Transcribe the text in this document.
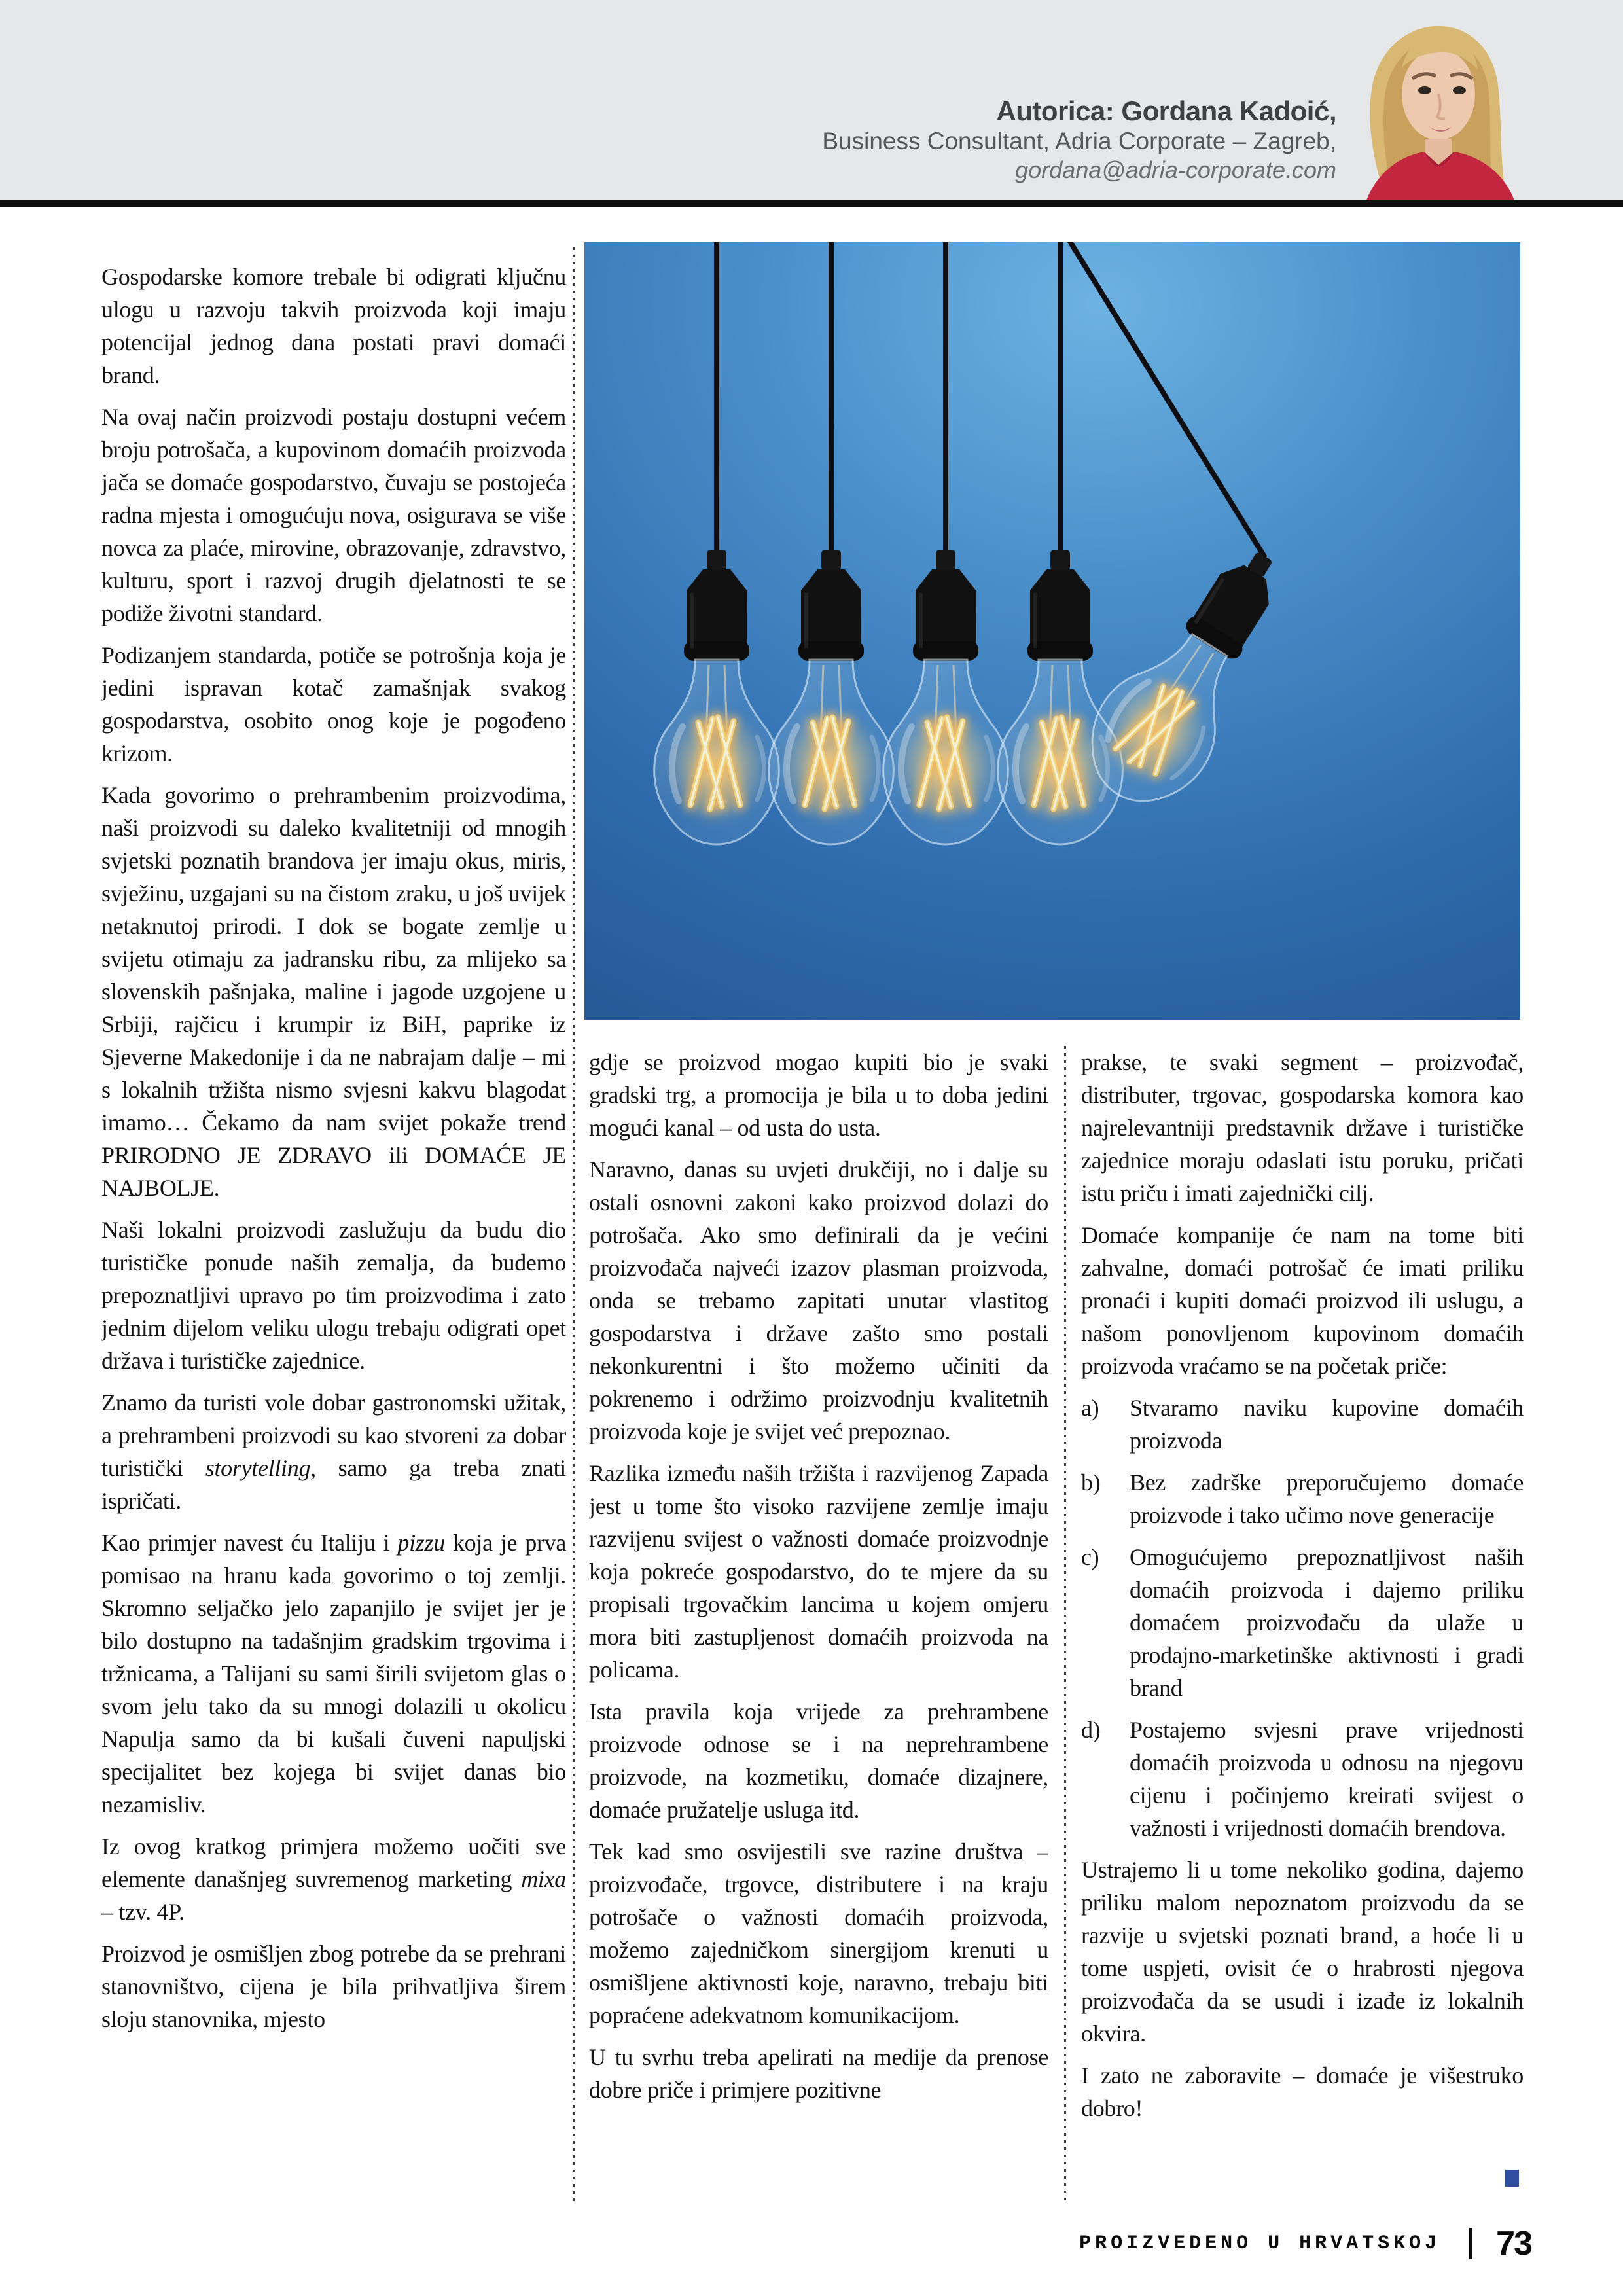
Autorica: Gordana Kadoić,
Business Consultant, Adria Corporate – Zagreb,
gordana@adria-corporate.com
Gospodarske komore trebale bi odigrati ključnu ulogu u razvoju takvih proizvoda koji imaju potencijal jednog dana postati pravi domaći brand.
Na ovaj način proizvodi postaju dostupni većem broju potrošača, a kupovinom domaćih proizvoda jača se domaće gospodarstvo, čuvaju se postojeća radna mjesta i omogućuju nova, osigurava se više novca za plaće, mirovine, obrazovanje, zdravstvo, kulturu, sport i razvoj drugih djelatnosti te se podiže životni standard.
Podizanjem standarda, potiče se potrošnja koja je jedini ispravan kotač zamašnjak svakog gospodarstva, osobito onog koje je pogođeno krizom.
Kada govorimo o prehrambenim proizvodima, naši proizvodi su daleko kvalitetniji od mnogih svjetski poznatih brandova jer imaju okus, miris, svježinu, uzgajani su na čistom zraku, u još uvijek netaknutoj prirodi. I dok se bogate zemlje u svijetu otimaju za jadransku ribu, za mlijeko sa slovenskih pašnjaka, maline i jagode uzgojene u Srbiji, rajčicu i krumpir iz BiH, paprike iz Sjeverne Makedonije i da ne nabrajam dalje – mi s lokalnih tržišta nismo svjesni kakvu blagodat imamo… Čekamo da nam svijet pokaže trend PRIRODNO JE ZDRAVO ili DOMAĆE JE NAJBOLJE.
Naši lokalni proizvodi zaslužuju da budu dio turističke ponude naših zemalja, da budemo prepoznatljivi upravo po tim proizvodima i zato jednim dijelom veliku ulogu trebaju odigrati opet država i turističke zajednice.
Znamo da turisti vole dobar gastronomski užitak, a prehrambeni proizvodi su kao stvoreni za dobar turistički storytelling, samo ga treba znati ispričati.
Kao primjer navest ću Italiju i pizzu koja je prva pomisao na hranu kada govorimo o toj zemlji. Skromno seljačko jelo zapanjilo je svijet jer je bilo dostupno na tadašnjim gradskim trgovima i tržnicama, a Talijani su sami širili svijetom glas o svom jelu tako da su mnogi dolazili u okolicu Napulja samo da bi kušali čuveni napuljski specijalitet bez kojega bi svijet danas bio nezamisliv.
Iz ovog kratkog primjera možemo uočiti sve elemente današnjeg suvremenog marketing mixa – tzv. 4P.
Proizvod je osmišljen zbog potrebe da se prehrani stanovništvo, cijena je bila prihvatljiva širem sloju stanovnika, mjesto
gdje se proizvod mogao kupiti bio je svaki gradski trg, a promocija je bila u to doba jedini mogući kanal – od usta do usta.
Naravno, danas su uvjeti drukčiji, no i dalje su ostali osnovni zakoni kako proizvod dolazi do potrošača. Ako smo definirali da je većini proizvođača najveći izazov plasman proizvoda, onda se trebamo zapitati unutar vlastitog gospodarstva i države zašto smo postali nekonkurentni i što možemo učiniti da pokrenemo i održimo proizvodnju kvalitetnih proizvoda koje je svijet već prepoznao.
Razlika između naših tržišta i razvijenog Zapada jest u tome što visoko razvijene zemlje imaju razvijenu svijest o važnosti domaće proizvodnje koja pokreće gospodarstvo, do te mjere da su propisali trgovačkim lancima u kojem omjeru mora biti zastupljenost domaćih proizvoda na policama.
Ista pravila koja vrijede za prehrambene proizvode odnose se i na neprehrambene proizvode, na kozmetiku, domaće dizajnere, domaće pružatelje usluga itd.
Tek kad smo osvijestili sve razine društva – proizvođače, trgovce, distributere i na kraju potrošače o važnosti domaćih proizvoda, možemo zajedničkom sinergijom krenuti u osmišljene aktivnosti koje, naravno, trebaju biti popraćene adekvatnom komunikacijom.
U tu svrhu treba apelirati na medije da prenose dobre priče i primjere pozitivne
prakse, te svaki segment – proizvođač, distributer, trgovac, gospodarska komora kao najrelevantniji predstavnik države i turističke zajednice moraju odaslati istu poruku, pričati istu priču i imati zajednički cilj.
Domaće kompanije će nam na tome biti zahvalne, domaći potrošač će imati priliku pronaći i kupiti domaći proizvod ili uslugu, a našom ponovljenom kupovinom domaćih proizvoda vraćamo se na početak priče:
a) Stvaramo naviku kupovine domaćih proizvoda
b) Bez zadrške preporučujemo domaće proizvode i tako učimo nove generacije
c) Omogućujemo prepoznatljivost naših domaćih proizvoda i dajemo priliku domaćem proizvođaču da ulaže u prodajno-marketinške aktivnosti i gradi brand
d) Postajemo svjesni prave vrijednosti domaćih proizvoda u odnosu na njegovu cijenu i počinjemo kreirati svijest o važnosti i vrijednosti domaćih brendova.
Ustrajemo li u tome nekoliko godina, dajemo priliku malom nepoznatom proizvodu da se razvije u svjetski poznati brand, a hoće li u tome uspjeti, ovisit će o hrabrosti njegova proizvođača da se usudi i izađe iz lokalnih okvira.
I zato ne zaboravite – domaće je višestruko dobro!
PROIZVEDENO U HRVATSKOJ 73
